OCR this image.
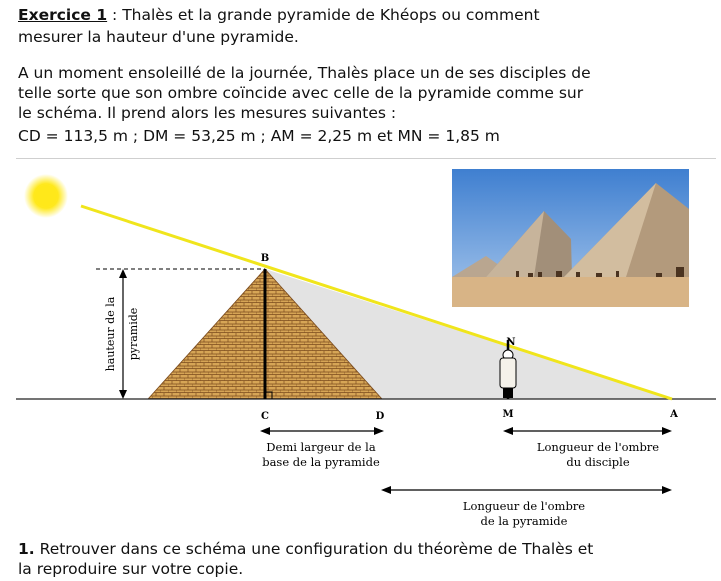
Exercice 1 : Thalès et la grande pyramide de Khéops ou comment
mesurer la hauteur d'une pyramide.
A un moment ensoleillé de la journée, Thalès place un de ses disciples de
telle sorte que son ombre coïncide avec celle de la pyramide comme sur
le schéma. Il prend alors les mesures suivantes :
CD = 113,5 m ; DM = 53,25 m ; AM = 2,25 m et MN = 1,85 m
hauteur de la pyramide
B
N
C	D	M	A
Demi largeur de la
base de la pyramide
Longueur de l'ombre
du disciple
Longueur de l'ombre
de la pyramide
1. Retrouver dans ce schéma une configuration du théorème de Thalès et
la reproduire sur votre copie.
